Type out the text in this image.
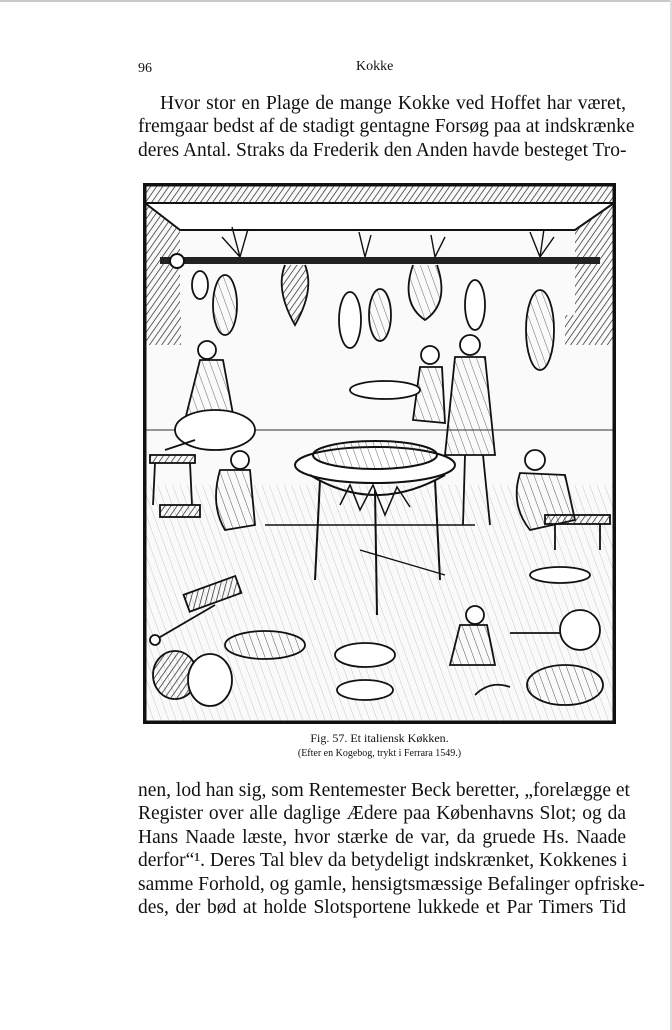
96	Kokke
Hvor stor en Plage de mange Kokke ved Hoffet har været,
fremgaar bedst af de stadigt gentagne Forsøg paa at indskrænke
deres Antal. Straks da Frederik den Anden havde besteget Tro-
Fig. 57. Et italiensk Køkken.
(Efter en Kogebog, trykt i Ferrara 1549.)
nen, lod han sig, som Rentemester Beck beretter, „forelægge et
Register over alle daglige Ædere paa Københavns Slot; og da
Hans Naade læste, hvor stærke de var, da gruede Hs. Naade
derfor“¹. Deres Tal blev da betydeligt indskrænket, Kokkenes i
samme Forhold, og gamle, hensigtsmæssige Befalinger opfriske-
des, der bød at holde Slotsportene lukkede et Par Timers Tid
